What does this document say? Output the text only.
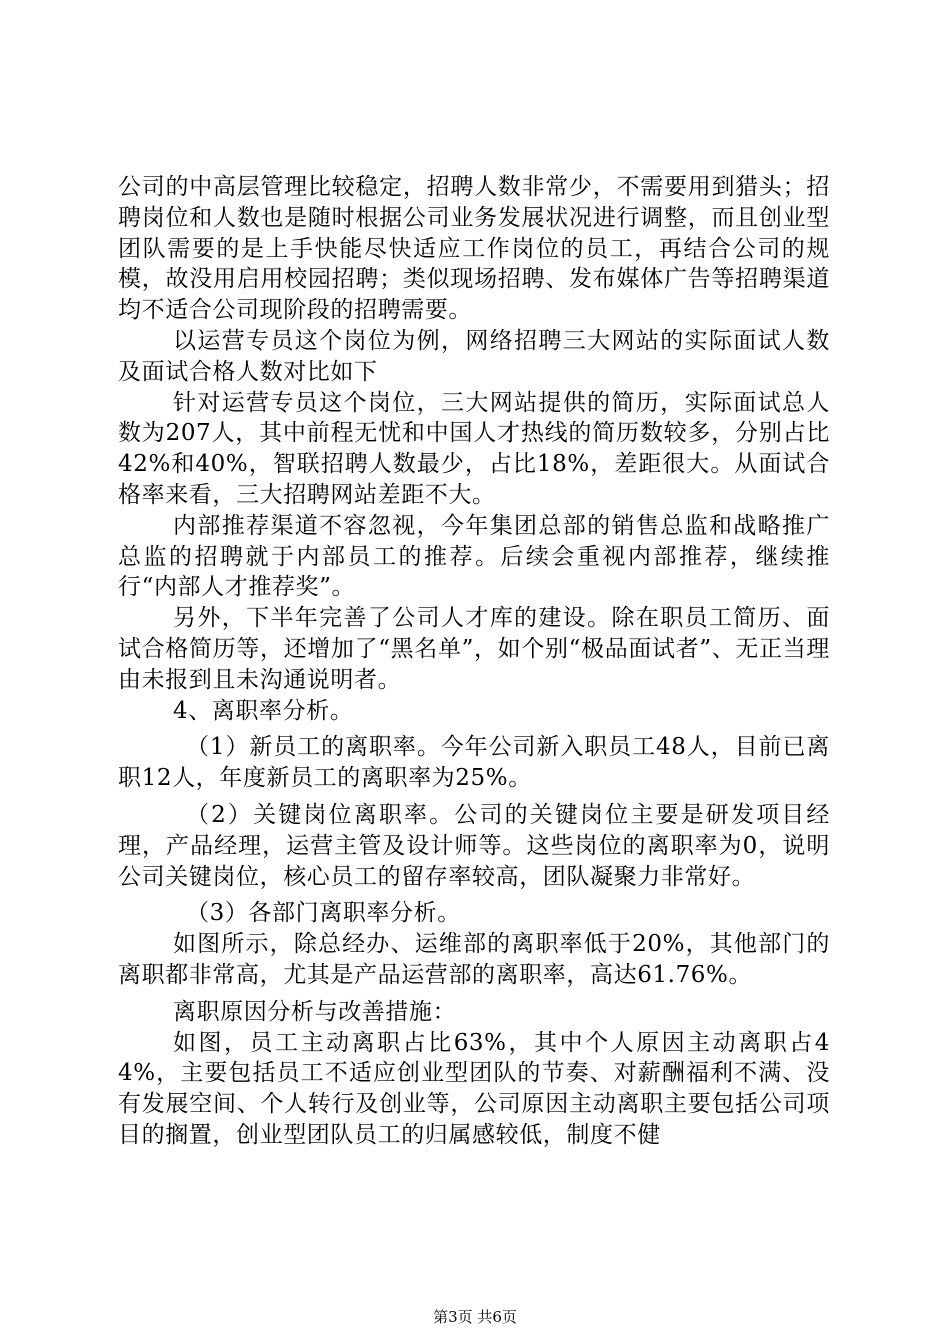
公司的中高层管理比较稳定，招聘人数非常少，不需要用到猎头；招聘岗位和人数也是随时根据公司业务发展状况进行调整，而且创业型团队需要的是上手快能尽快适应工作岗位的员工，再结合公司的规模，故没用启用校园招聘；类似现场招聘、发布媒体广告等招聘渠道均不适合公司现阶段的招聘需要。

以运营专员这个岗位为例，网络招聘三大网站的实际面试人数及面试合格人数对比如下

针对运营专员这个岗位，三大网站提供的简历，实际面试总人数为207人，其中前程无忧和中国人才热线的简历数较多，分别占比42%和40%，智联招聘人数最少，占比18%，差距很大。从面试合格率来看，三大招聘网站差距不大。

内部推荐渠道不容忽视，今年集团总部的销售总监和战略推广总监的招聘就于内部员工的推荐。后续会重视内部推荐，继续推行“内部人才推荐奖”。

另外，下半年完善了公司人才库的建设。除在职员工简历、面试合格简历等，还增加了“黑名单”，如个别“极品面试者”、无正当理由未报到且未沟通说明者。

4、离职率分析。

（1）新员工的离职率。今年公司新入职员工48人，目前已离职12人，年度新员工的离职率为25%。

（2）关键岗位离职率。公司的关键岗位主要是研发项目经理，产品经理，运营主管及设计师等。这些岗位的离职率为0，说明公司关键岗位，核心员工的留存率较高，团队凝聚力非常好。

（3）各部门离职率分析。

如图所示，除总经办、运维部的离职率低于20%，其他部门的离职都非常高，尤其是产品运营部的离职率，高达61.76%。

离职原因分析与改善措施：

如图，员工主动离职占比63%，其中个人原因主动离职占44%，主要包括员工不适应创业型团队的节奏、对薪酬福利不满、没有发展空间、个人转行及创业等，公司原因主动离职主要包括公司项目的搁置，创业型团队员工的归属感较低，制度不健

第3页 共6页
